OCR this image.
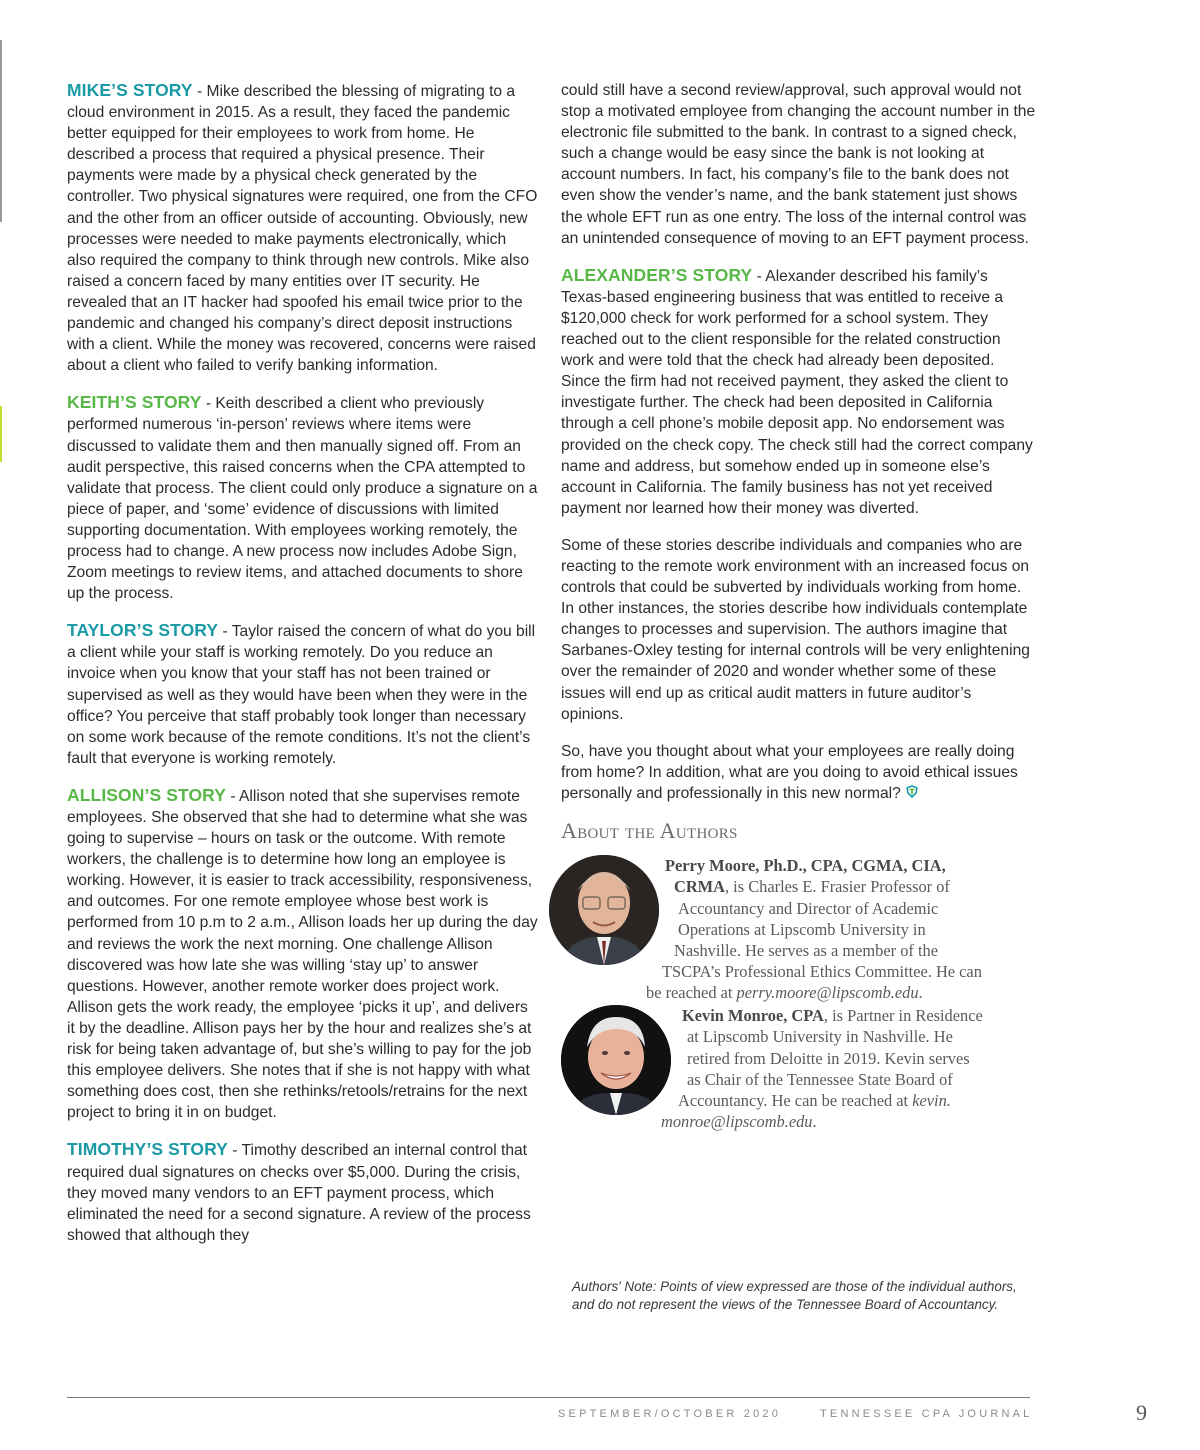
MIKE’S STORY - Mike described the blessing of migrating to a cloud environment in 2015. As a result, they faced the pandemic better equipped for their employees to work from home. He described a process that required a physical presence. Their payments were made by a physical check generated by the controller. Two physical signatures were required, one from the CFO and the other from an officer outside of accounting. Obviously, new processes were needed to make payments electronically, which also required the company to think through new controls. Mike also raised a concern faced by many entities over IT security. He revealed that an IT hacker had spoofed his email twice prior to the pandemic and changed his company’s direct deposit instructions with a client. While the money was recovered, concerns were raised about a client who failed to verify banking information.

KEITH’S STORY - Keith described a client who previously performed numerous ‘in-person’ reviews where items were discussed to validate them and then manually signed off. From an audit perspective, this raised concerns when the CPA attempted to validate that process. The client could only produce a signature on a piece of paper, and ‘some’ evidence of discussions with limited supporting documentation. With employees working remotely, the process had to change. A new process now includes Adobe Sign, Zoom meetings to review items, and attached documents to shore up the process.

TAYLOR’S STORY - Taylor raised the concern of what do you bill a client while your staff is working remotely. Do you reduce an invoice when you know that your staff has not been trained or supervised as well as they would have been when they were in the office? You perceive that staff probably took longer than necessary on some work because of the remote conditions. It’s not the client’s fault that everyone is working remotely.

ALLISON’S STORY - Allison noted that she supervises remote employees. She observed that she had to determine what she was going to supervise – hours on task or the outcome. With remote workers, the challenge is to determine how long an employee is working. However, it is easier to track accessibility, responsiveness, and outcomes. For one remote employee whose best work is performed from 10 p.m to 2 a.m., Allison loads her up during the day and reviews the work the next morning. One challenge Allison discovered was how late she was willing ‘stay up’ to answer questions. However, another remote worker does project work. Allison gets the work ready, the employee ‘picks it up’, and delivers it by the deadline. Allison pays her by the hour and realizes she’s at risk for being taken advantage of, but she’s willing to pay for the job this employee delivers. She notes that if she is not happy with what something does cost, then she rethinks/retools/retrains for the next project to bring it in on budget.

TIMOTHY’S STORY - Timothy described an internal control that required dual signatures on checks over $5,000. During the crisis, they moved many vendors to an EFT payment process, which eliminated the need for a second signature. A review of the process showed that although they

could still have a second review/approval, such approval would not stop a motivated employee from changing the account number in the electronic file submitted to the bank. In contrast to a signed check, such a change would be easy since the bank is not looking at account numbers. In fact, his company’s file to the bank does not even show the vender’s name, and the bank statement just shows the whole EFT run as one entry. The loss of the internal control was an unintended consequence of moving to an EFT payment process.

ALEXANDER’S STORY - Alexander described his family’s Texas-based engineering business that was entitled to receive a $120,000 check for work performed for a school system. They reached out to the client responsible for the related construction work and were told that the check had already been deposited. Since the firm had not received payment, they asked the client to investigate further. The check had been deposited in California through a cell phone’s mobile deposit app. No endorsement was provided on the check copy. The check still had the correct company name and address, but somehow ended up in someone else’s account in California. The family business has not yet received payment nor learned how their money was diverted.

Some of these stories describe individuals and companies who are reacting to the remote work environment with an increased focus on controls that could be subverted by individuals working from home. In other instances, the stories describe how individuals contemplate changes to processes and supervision. The authors imagine that Sarbanes-Oxley testing for internal controls will be very enlightening over the remainder of 2020 and wonder whether some of these issues will end up as critical audit matters in future auditor’s opinions.

So, have you thought about what your employees are really doing from home? In addition, what are you doing to avoid ethical issues personally and professionally in this new normal?

About the Authors
Perry Moore, Ph.D., CPA, CGMA, CIA,
CRMA, is Charles E. Frasier Professor of
Accountancy and Director of Academic
Operations at Lipscomb University in
Nashville. He serves as a member of the
TSCPA’s Professional Ethics Committee. He can
be reached at perry.moore@lipscomb.edu.
Kevin Monroe, CPA, is Partner in Residence
at Lipscomb University in Nashville. He
retired from Deloitte in 2019. Kevin serves
as Chair of the Tennessee State Board of
Accountancy. He can be reached at kevin.
monroe@lipscomb.edu.
Authors' Note: Points of view expressed are those of the individual authors, and do not represent the views of the Tennessee Board of Accountancy.
SEPTEMBER/OCTOBER 2020	TENNESSEE CPA JOURNAL	9
